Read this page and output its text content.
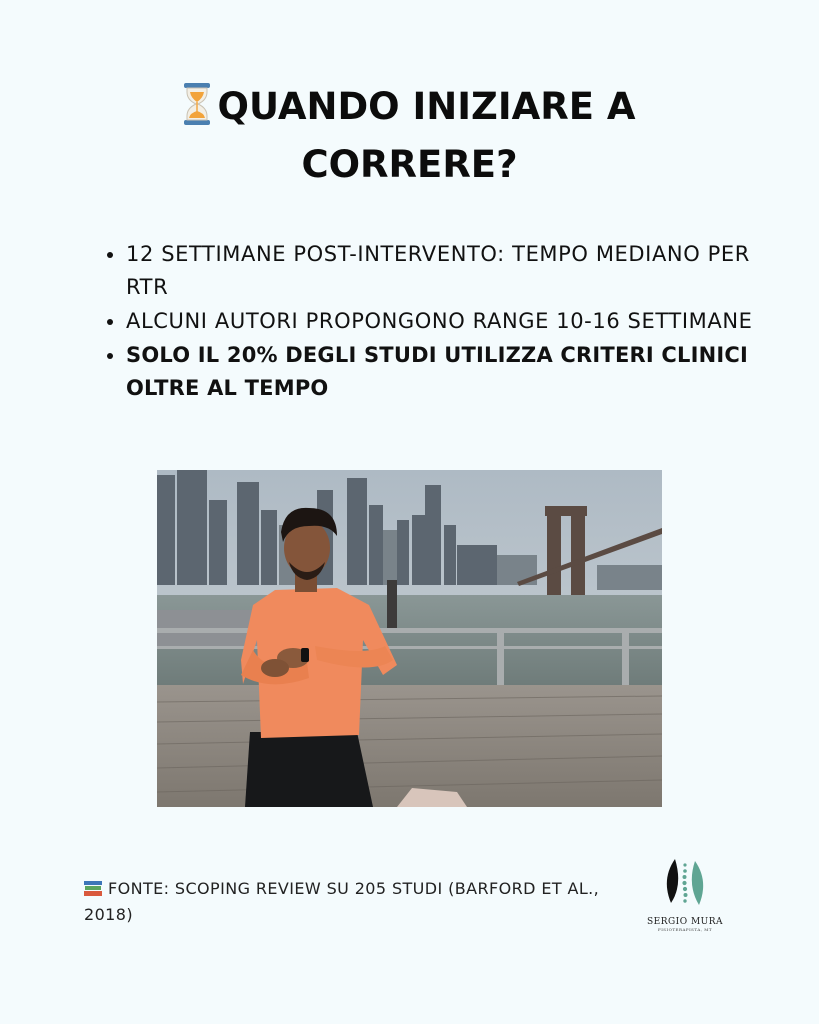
QUANDO INIZIARE A
CORRERE?
• 12 SETTIMANE POST-INTERVENTO: TEMPO MEDIANO PER RTR
• ALCUNI AUTORI PROPONGONO RANGE 10-16 SETTIMANE
• SOLO IL 20% DEGLI STUDI UTILIZZA CRITERI CLINICI OLTRE AL TEMPO
FONTE: SCOPING REVIEW SU 205 STUDI (BARFORD ET AL., 2018)	SERGIO MURA
FISIOTERAPISTA, MT
